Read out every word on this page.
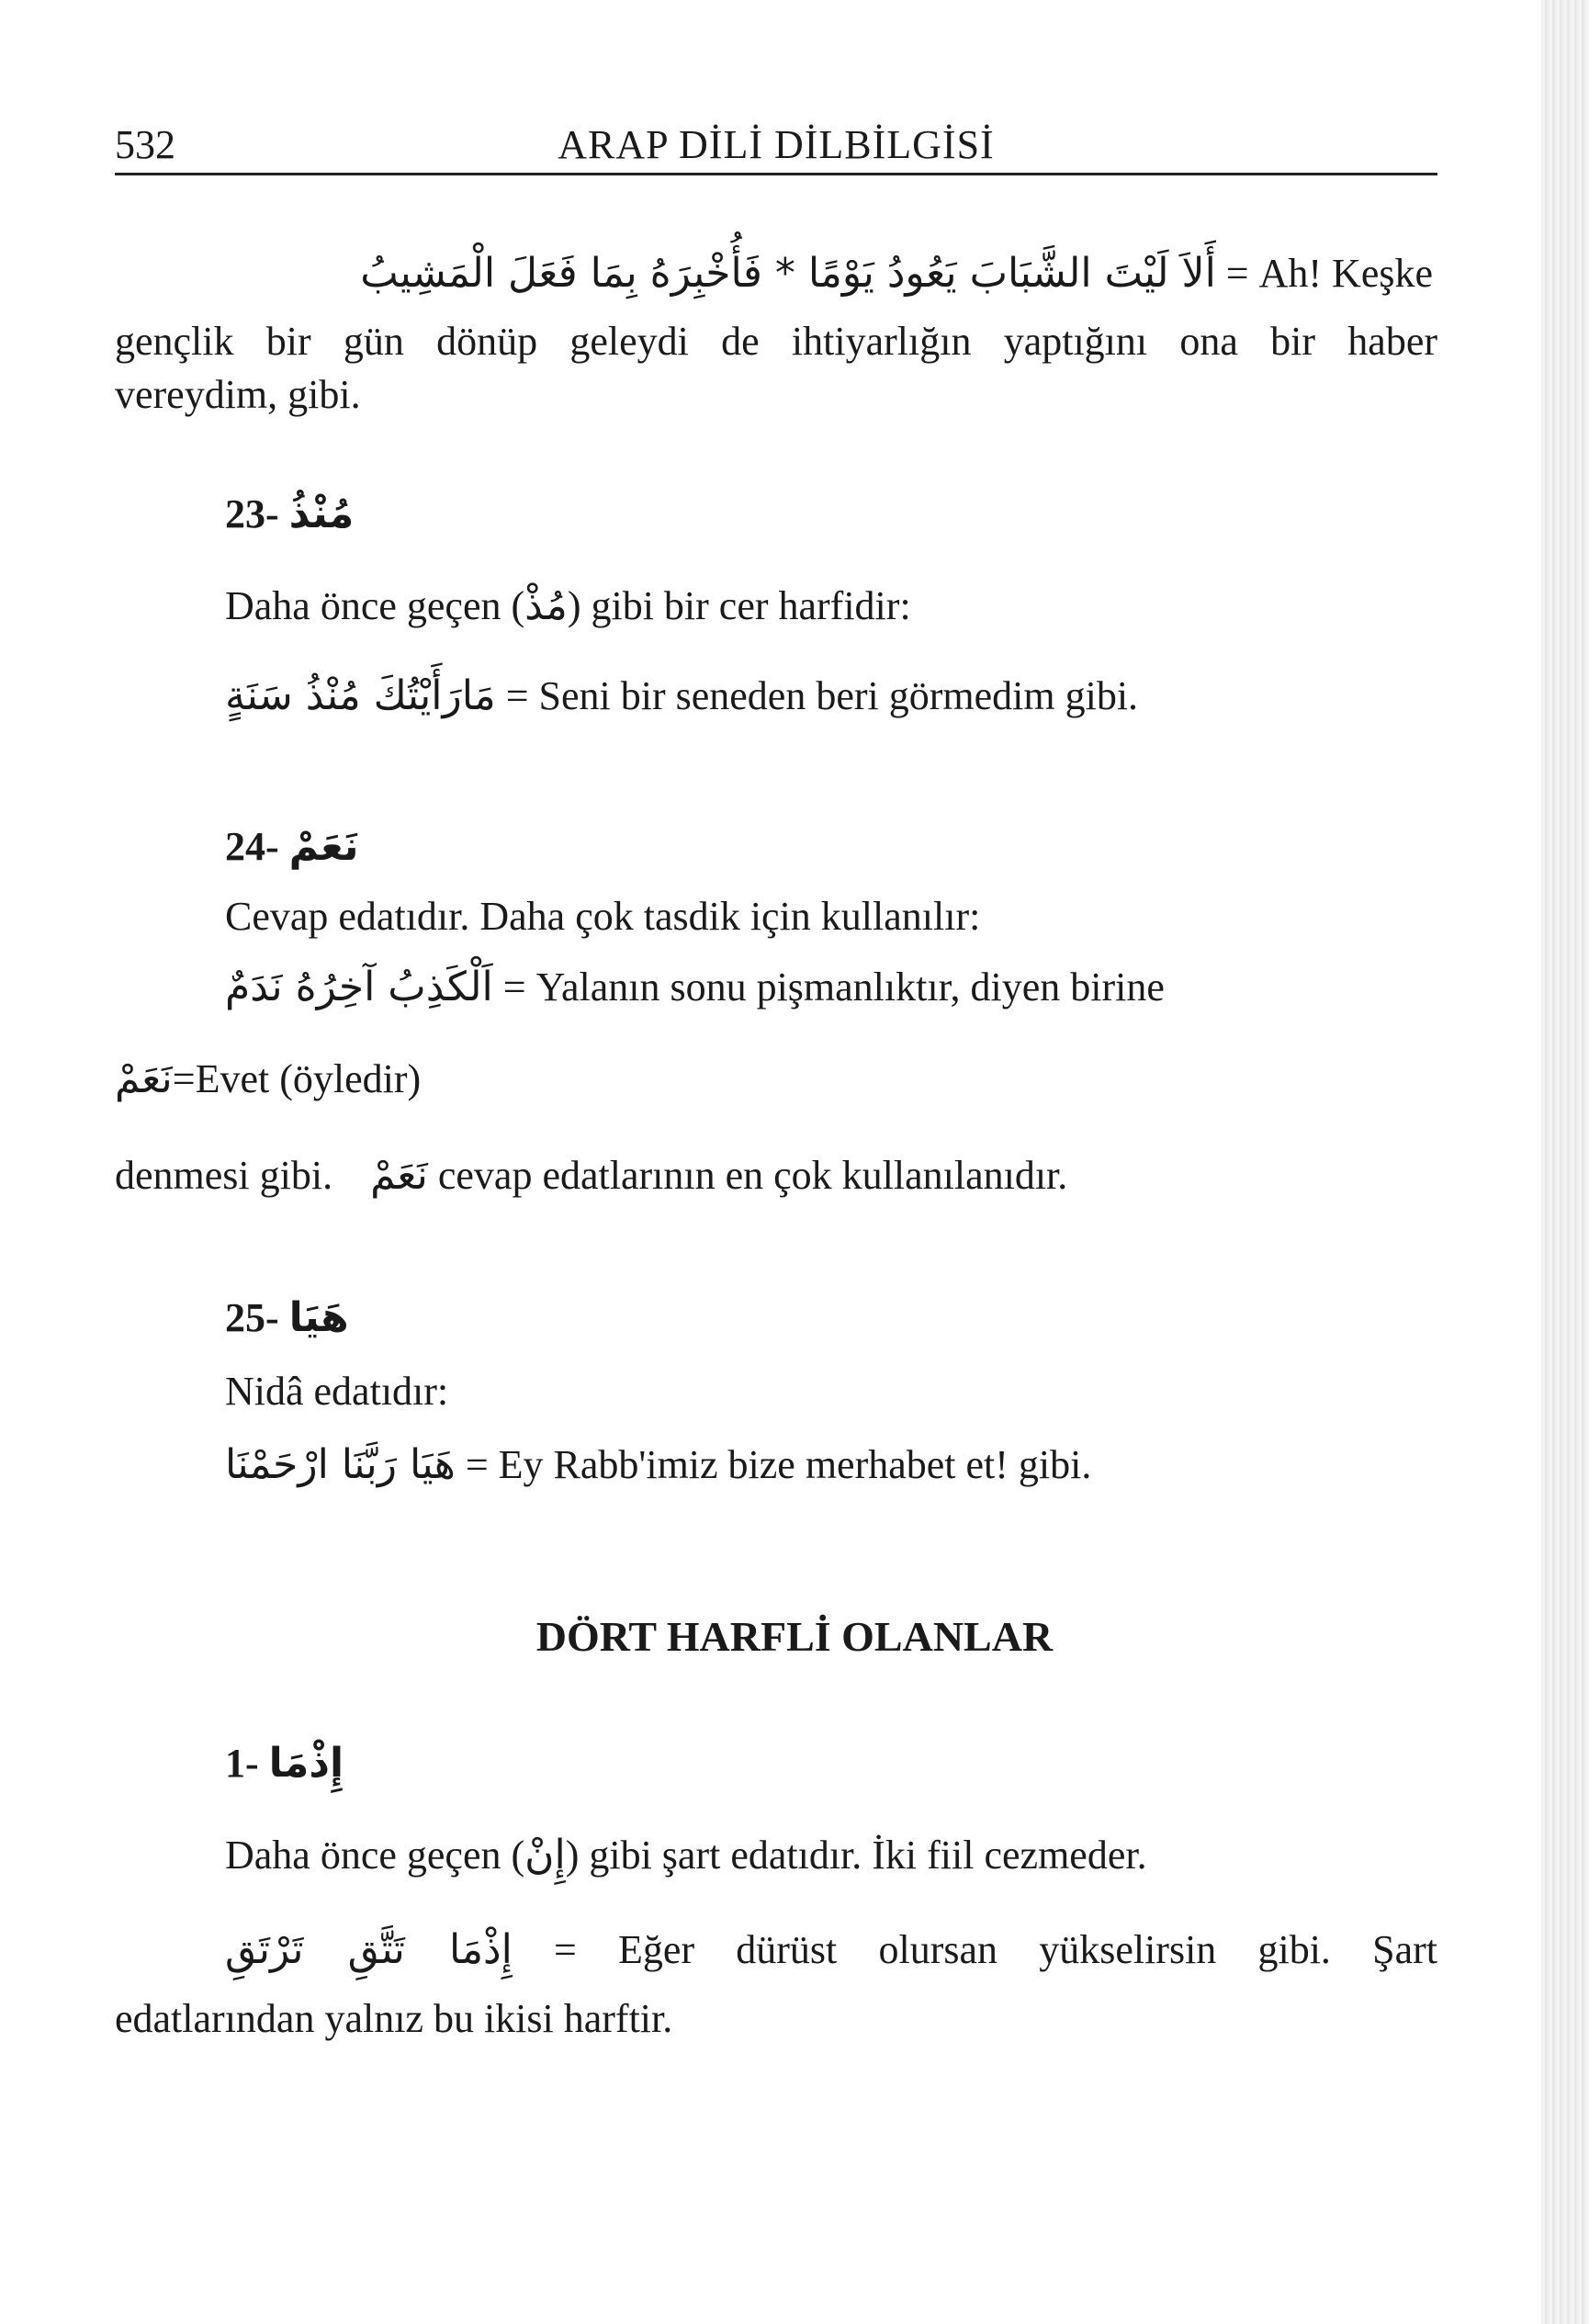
532	ARAP DİLİ DİLBİLGİSİ
أَلاَ لَيْتَ الشَّبَابَ يَعُودُ يَوْمًا * فَأُخْبِرَهُ بِمَا فَعَلَ الْمَشِيبُ = Ah! Keşke
gençlik bir gün dönüp geleydi de ihtiyarlığın yaptığını ona bir haber
vereydim, gibi.
23- مُنْذُ
Daha önce geçen (مُذْ) gibi bir cer harfidir:
مَارَأَيْتُكَ مُنْذُ سَنَةٍ = Seni bir seneden beri görmedim gibi.
24- نَعَمْ
Cevap edatıdır. Daha çok tasdik için kullanılır:
اَلْكَذِبُ آخِرُهُ نَدَمٌ = Yalanın sonu pişmanlıktır, diyen birine
نَعَمْ=Evet (öyledir)
denmesi gibi. نَعَمْ cevap edatlarının en çok kullanılanıdır.
25- هَيَا
Nidâ edatıdır:
هَيَا رَبَّنَا ارْحَمْنَا = Ey Rabb'imiz bize merhabet et! gibi.
DÖRT HARFLİ OLANLAR
1- إِذْمَا
Daha önce geçen (إِنْ) gibi şart edatıdır. İki fiil cezmeder.
إِذْمَا تَتَّقِ تَرْتَقِ = Eğer dürüst olursan yükselirsin gibi. Şart
edatlarından yalnız bu ikisi harftir.
